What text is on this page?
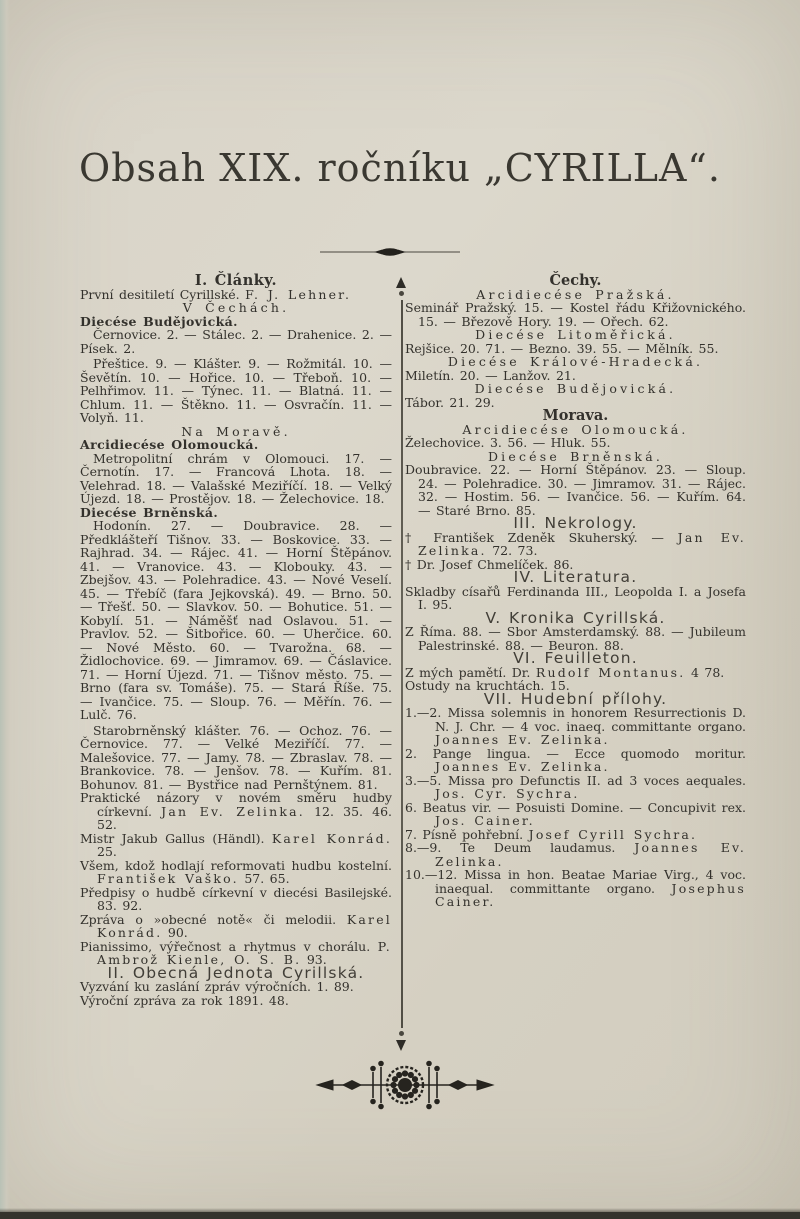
Obsah XIX. ročníku „CYRILLA“.

I. Články.

První desitiletí Cyrillské. F. J. Lehner.

V Čechách.

Diecése Budějovická.

Černovice. 2. — Stálec. 2. — Drahenice. 2. — Písek. 2.

Přeštice. 9. — Klášter. 9. — Rožmitál. 10. — Ševětín. 10. — Hořice. 10. — Třeboň. 10. — Pelhřimov. 11. — Týnec. 11. — Blatná. 11. — Chlum. 11. — Štěkno. 11. — Osvračín. 11. — Volyň. 11.

Na Moravě.

Arcidiecése Olomoucká.

Metropolitní chrám v Olomouci. 17. — Černotín. 17. — Francová Lhota. 18. — Velehrad. 18. — Valašské Meziříčí. 18. — Velký Újezd. 18. — Prostějov. 18. — Želechovice. 18.

Diecése Brněnská.

Hodonín. 27. — Doubravice. 28. — Předklášteří Tišnov. 33. — Boskovice. 33. — Rajhrad. 34. — Rájec. 41. — Horní Štěpánov. 41. — Vranovice. 43. — Klobouky. 43. — Zbejšov. 43. — Polehradice. 43. — Nové Veselí. 45. — Třebíč (fara Jejkovská). 49. — Brno. 50. — Třešť. 50. — Slavkov. 50. — Bohutice. 51. — Kobylí. 51. — Náměšť nad Oslavou. 51. — Pravlov. 52. — Šitbořice. 60. — Uherčice. 60. — Nové Město. 60. — Tvarožna. 68. — Židlochovice. 69. — Jimramov. 69. — Čáslavice. 71. — Horní Újezd. 71. — Tišnov město. 75. — Brno (fara sv. Tomáše). 75. — Stará Říše. 75. — Ivančice. 75. — Sloup. 76. — Měřín. 76. — Lulč. 76.

Starobrněnský klášter. 76. — Ochoz. 76. — Černovice. 77. — Velké Meziříčí. 77. — Malešovice. 77. — Jamy. 78. — Zbraslav. 78. — Brankovice. 78. — Jenšov. 78. — Kuřím. 81. Bohunov. 81. — Bystřice nad Pernštýnem. 81.

Praktické názory v novém směru hudby církevní. Jan Ev. Zelinka. 12. 35. 46. 52.

Mistr Jakub Gallus (Händl). Karel Konrád. 25.

Všem, kdož hodlají reformovati hudbu kostelní. František Vaško. 57. 65.

Předpisy o hudbě církevní v diecési Basilejské. 83. 92.

Zpráva o »obecné notě« či melodii. Karel Konrád. 90.

Pianissimo, výřečnost a rhytmus v chorálu. P. Ambrož Kienle, O. S. B. 93.

II. Obecná Jednota Cyrillská.

Vyzvání ku zaslání zpráv výročních. 1. 89.

Výroční zpráva za rok 1891. 48.

Čechy.

Arcidiecése Pražská.

Seminář Pražský. 15. — Kostel řádu Křižovnického. 15. — Březově Hory. 19. — Ořech. 62.

Diecése Litoměřická.

Rejšice. 20. 71. — Bezno. 39. 55. — Mělník. 55.

Diecése Králové-Hradecká.

Miletín. 20. — Lanžov. 21.

Diecése Budějovická.

Tábor. 21. 29.

Morava.

Arcidiecése Olomoucká.

Želechovice. 3. 56. — Hluk. 55.

Diecése Brněnská.

Doubravice. 22. — Horní Štěpánov. 23. — Sloup. 24. — Polehradice. 30. — Jimramov. 31. — Rájec. 32. — Hostim. 56. — Ivančice. 56. — Kuřím. 64. — Staré Brno. 85.

III. Nekrology.

† František Zdeněk Skuherský. — Jan Ev. Zelinka. 72. 73.

† Dr. Josef Chmelíček. 86.

IV. Literatura.

Skladby císařů Ferdinanda III., Leopolda I. a Josefa I. 95.

V. Kronika Cyrillská.

Z Říma. 88. — Sbor Amsterdamský. 88. — Jubileum Palestrinské. 88. — Beuron. 88.

VI. Feuilleton.

Z mých pamětí. Dr. Rudolf Montanus. 4 78.

Ostudy na kruchtách. 15.

VII. Hudební přílohy.

1.—2. Missa solemnis in honorem Resurrectionis D. N. J. Chr. — 4 voc. inaeq. committante organo. Joannes Ev. Zelinka.

2. Pange lingua. — Ecce quomodo moritur. Joannes Ev. Zelinka.

3.—5. Missa pro Defunctis II. ad 3 voces aequales. Jos. Cyr. Sychra.

6. Beatus vir. — Posuisti Domine. — Concupivit rex. Jos. Cainer.

7. Písně pohřební. Josef Cyrill Sychra.

8.—9. Te Deum laudamus. Joannes Ev. Zelinka.

10.—12. Missa in hon. Beatae Mariae Virg., 4 voc. inaequal. committante organo. Josephus Cainer.
